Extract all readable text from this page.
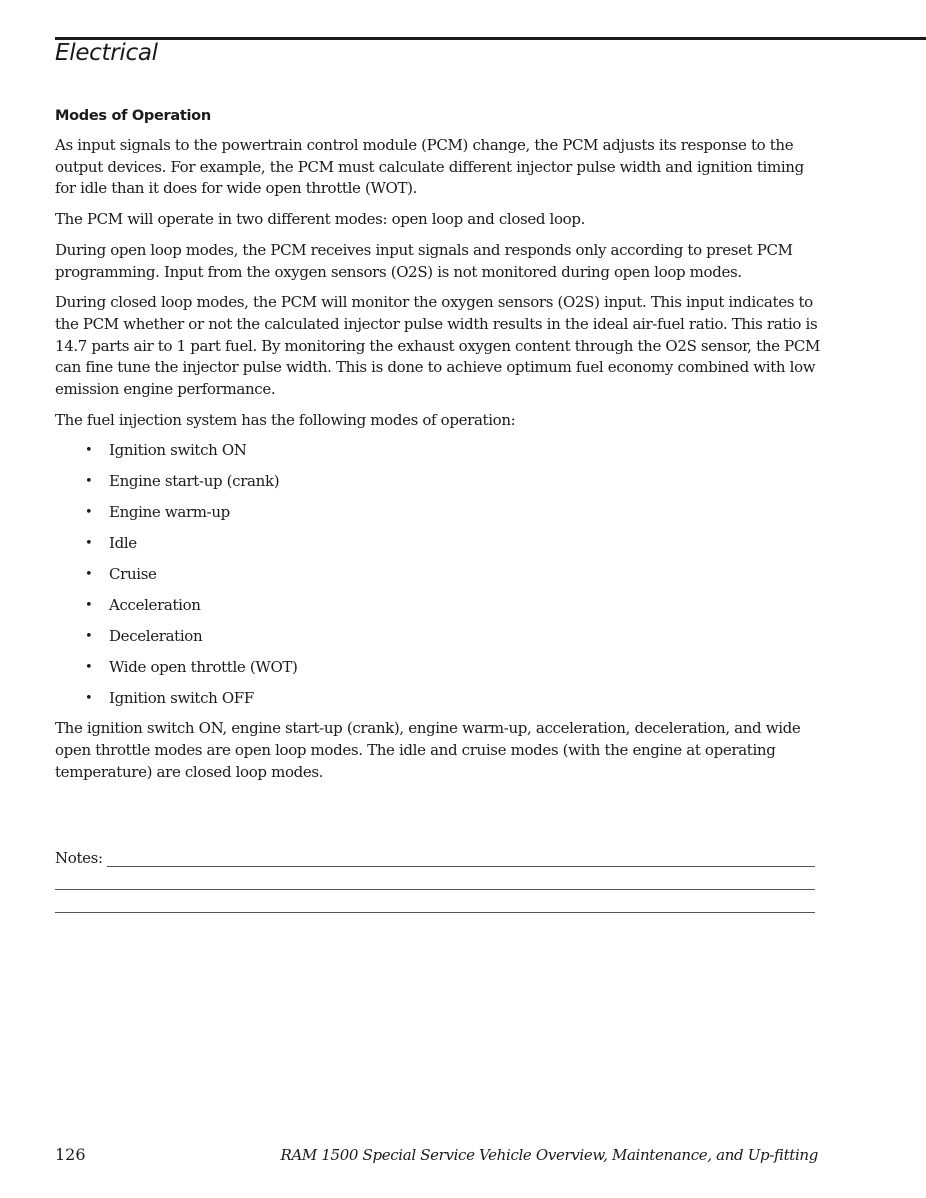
Electrical
Modes of Operation

As input signals to the powertrain control module (PCM) change, the PCM adjusts its response to the output devices. For example, the PCM must calculate different injector pulse width and ignition timing for idle than it does for wide open throttle (WOT).

The PCM will operate in two different modes: open loop and closed loop.

During open loop modes, the PCM receives input signals and responds only according to preset PCM programming. Input from the oxygen sensors (O2S) is not monitored during open loop modes.

During closed loop modes, the PCM will monitor the oxygen sensors (O2S) input. This input indicates to the PCM whether or not the calculated injector pulse width results in the ideal air-fuel ratio. This ratio is 14.7 parts air to 1 part fuel. By monitoring the exhaust oxygen content through the O2S sensor, the PCM can fine tune the injector pulse width. This is done to achieve optimum fuel economy combined with low emission engine performance.

The fuel injection system has the following modes of operation:

• Ignition switch ON
• Engine start-up (crank)
• Engine warm-up
• Idle
• Cruise
• Acceleration
• Deceleration
• Wide open throttle (WOT)
• Ignition switch OFF

The ignition switch ON, engine start-up (crank), engine warm-up, acceleration, deceleration, and wide open throttle modes are open loop modes. The idle and cruise modes (with the engine at operating temperature) are closed loop modes.

Notes:
126	RAM 1500 Special Service Vehicle Overview, Maintenance, and Up-fitting
